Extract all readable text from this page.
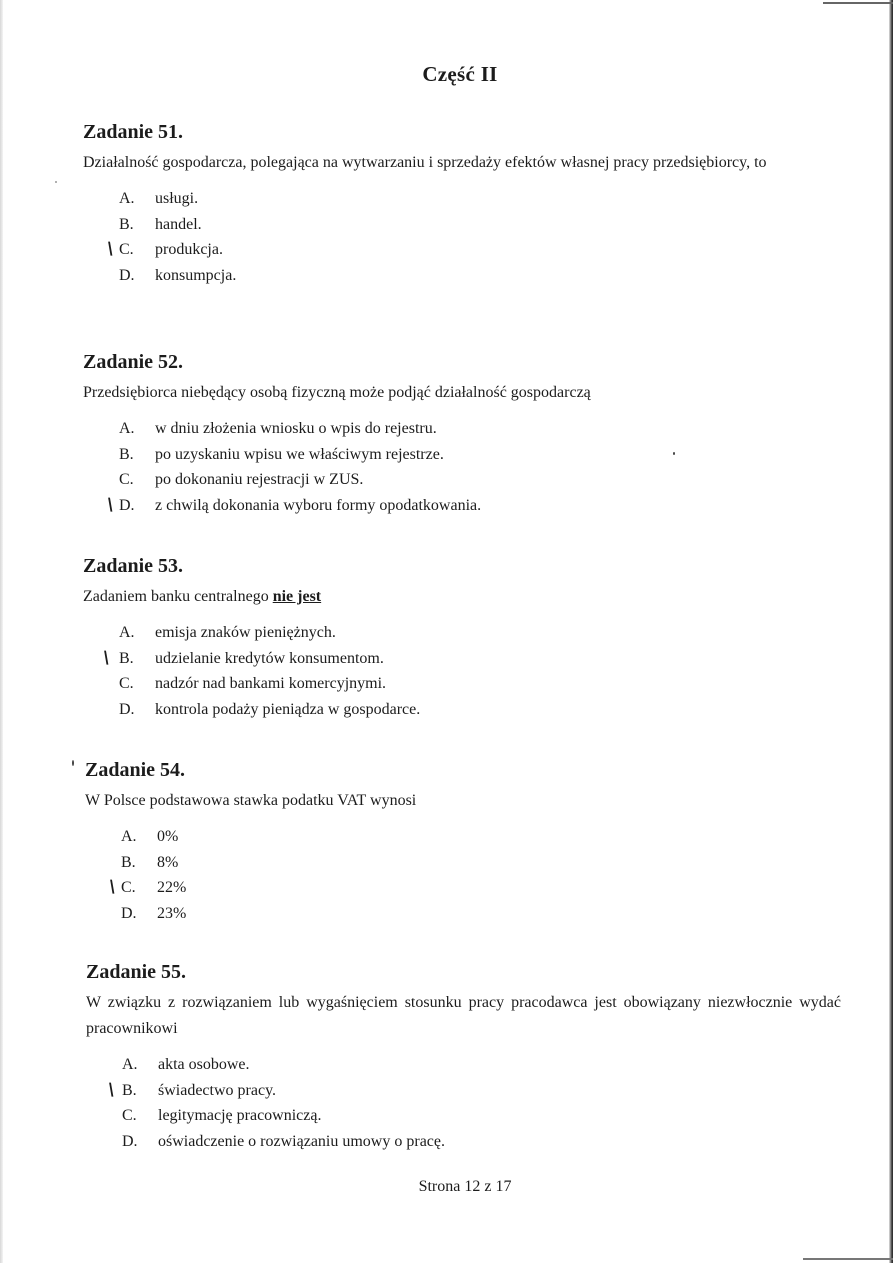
Część II
Zadanie 51.

Działalność gospodarcza, polegająca na wytwarzaniu i sprzedaży efektów własnej pracy przedsiębiorcy, to

A. usługi.
B.	handel.
\ C.	produkcja.
D. konsumpcja.
Zadanie 52.

Przedsiębiorca niebędący osobą fizyczną może podjąć działalność gospodarczą

A. w dniu złożenia wniosku o wpis do rejestru.
B.	po uzyskaniu wpisu we właściwym rejestrze.
C.	po dokonaniu rejestracji w ZUS.
\ D. z chwilą dokonania wyboru formy opodatkowania.
Zadanie 53.

Zadaniem banku centralnego nie jest

A. emisja znaków pieniężnych.
\ B.	udzielanie kredytów konsumentom.
C.	nadzór nad bankami komercyjnymi.
D. kontrola podaży pieniądza w gospodarce.
Zadanie 54.

W Polsce podstawowa stawka podatku VAT wynosi

A. 0%
B.	8%
\ C.	22%
D. 23%
Zadanie 55.

W związku z rozwiązaniem lub wygaśnięciem stosunku pracy pracodawca jest obowiązany niezwłocznie wydać pracownikowi

A. akta osobowe.
\ B.	świadectwo pracy.
C.	legitymację pracowniczą.
D. oświadczenie o rozwiązaniu umowy o pracę.
Strona 12 z 17
